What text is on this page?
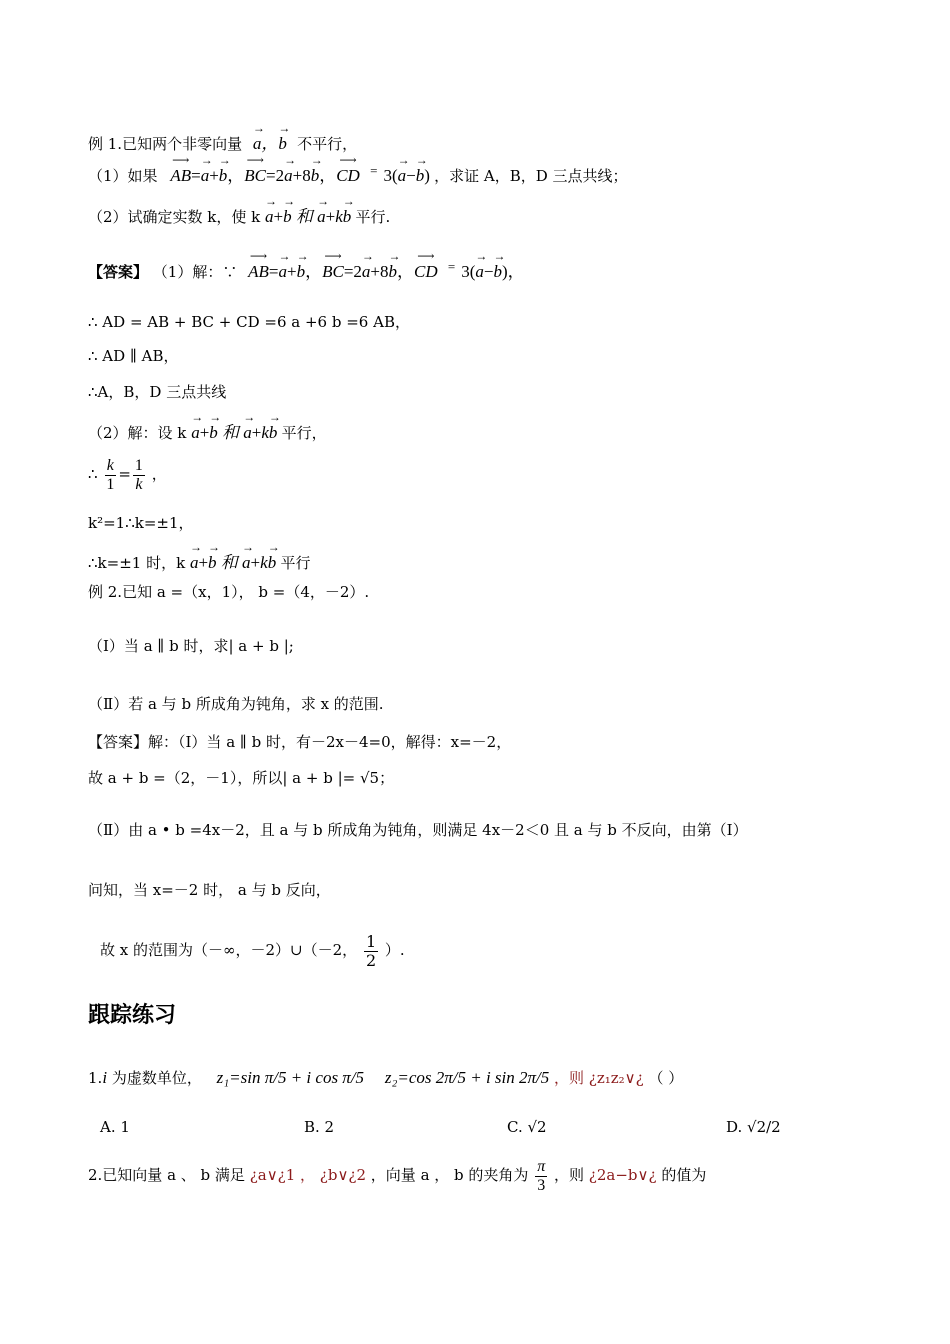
例 1.已知两个非零向量 → a，→ b 不平行，
（1）如果 ⟶ AB=→ a+→ b，⟶ BC=2→ a+8→ b，⟶ CD = 3(→ a−→ b) ，求证 A，B，D 三点共线；
（2）试确定实数 k，使 k → a+→ b 和 → a+k→ b 平行.
【答案】 （1）解：∵ ⟶ AB=→ a+→ b，⟶ BC=2→ a+8→ b，⟶ CD = 3(→ a−→ b)，
∴ AD = AB + BC + CD =6 a +6 b =6 AB，
∴ AD ∥ AB，
∴A，B，D 三点共线
（2）解：设 k → a+→ b 和 → a+k→ b 平行，
∴ $\frac{k}{1} = \frac{1}{k}$ ，
k²=1∴k=±1，
∴k=±1 时，k → a+→ b 和 → a+k→ b 平行
例 2.已知 a =（x，1）， b =（4，－2）.
（Ⅰ）当 a ∥ b 时，求| a + b |;
（Ⅱ）若 a 与 b 所成角为钝角，求 x 的范围.
【答案】解：（Ⅰ）当 a ∥ b 时，有－2x－4=0，解得：x=－2，
故 a + b =（2，－1），所以| a + b |= √5；
（Ⅱ）由 a • b =4x－2，且 a 与 b 所成角为钝角，则满足 4x－2＜0 且 a 与 b 不反向，由第（Ⅰ）
问知，当 x=－2 时， a 与 b 反向，
故 x 的范围为（－∞，－2）∪（－2， $\frac{1}{2}$ ）.
跟踪练习
1.i 为虚数单位， z₁=sin π/5 + i cos π/5 z₂=cos 2π/5 + i sin 2π/5 ，则 ¿z₁z₂∨¿ （ ）
A. 1	B. 2	C. √2	D. √2/2
2.已知向量 a 、 b 满足 ¿a∨¿1 ， ¿b∨¿2 ，向量 a ， b 的夹角为 $\frac{\pi}{3}$ ，则 ¿2a−b∨¿ 的值为
